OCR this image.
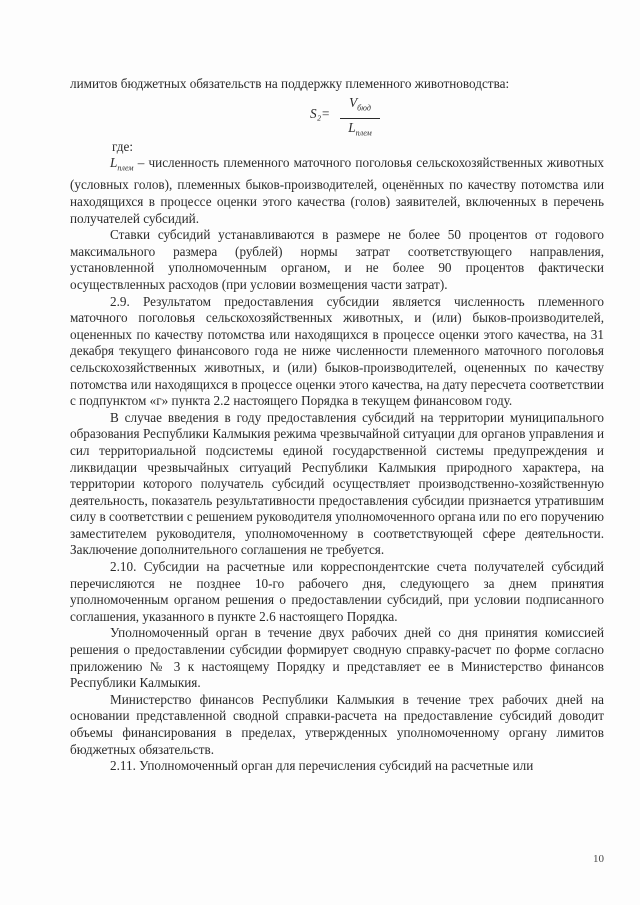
лимитов бюджетных обязательств на поддержку племенного животноводства:

S₂=
$V_{бюд}$
$L_{плем}$

где:

$L_{плем}$ – численность племенного маточного поголовья сельскохозяйственных животных (условных голов), племенных быков-производителей, оценённых по качеству потомства или находящихся в процессе оценки этого качества (голов) заявителей, включенных в перечень получателей субсидий.

Ставки субсидий устанавливаются в размере не более 50 процентов от годового максимального размера (рублей) нормы затрат соответствующего направления, установленной уполномоченным органом, и не более 90 процентов фактически осуществленных расходов (при условии возмещения части затрат).

2.9. Результатом предоставления субсидии является численность племенного маточного поголовья сельскохозяйственных животных, и (или) быков-производителей, оцененных по качеству потомства или находящихся в процессе оценки этого качества, на 31 декабря текущего финансового года не ниже численности племенного маточного поголовья сельскохозяйственных животных, и (или) быков-производителей, оцененных по качеству потомства или находящихся в процессе оценки этого качества, на дату пересчета соответствии с подпунктом «г» пункта 2.2 настоящего Порядка в текущем финансовом году.

В случае введения в году предоставления субсидий на территории муниципального образования Республики Калмыкия режима чрезвычайной ситуации для органов управления и сил территориальной подсистемы единой государственной системы предупреждения и ликвидации чрезвычайных ситуаций Республики Калмыкия природного характера, на территории которого получатель субсидий осуществляет производственно-хозяйственную деятельность, показатель результативности предоставления субсидии признается утратившим силу в соответствии с решением руководителя уполномоченного органа или по его поручению заместителем руководителя, уполномоченному в соответствующей сфере деятельности. Заключение дополнительного соглашения не требуется.

2.10. Субсидии на расчетные или корреспондентские счета получателей субсидий перечисляются не позднее 10-го рабочего дня, следующего за днем принятия уполномоченным органом решения о предоставлении субсидий, при условии подписанного соглашения, указанного в пункте 2.6 настоящего Порядка.

Уполномоченный орган в течение двух рабочих дней со дня принятия комиссией решения о предоставлении субсидии формирует сводную справку-расчет по форме согласно приложению № 3 к настоящему Порядку и представляет ее в Министерство финансов Республики Калмыкия.

Министерство финансов Республики Калмыкия в течение трех рабочих дней на основании представленной сводной справки-расчета на предоставление субсидий доводит объемы финансирования в пределах, утвержденных уполномоченному органу лимитов бюджетных обязательств.

2.11. Уполномоченный орган для перечисления субсидий на расчетные или

10
